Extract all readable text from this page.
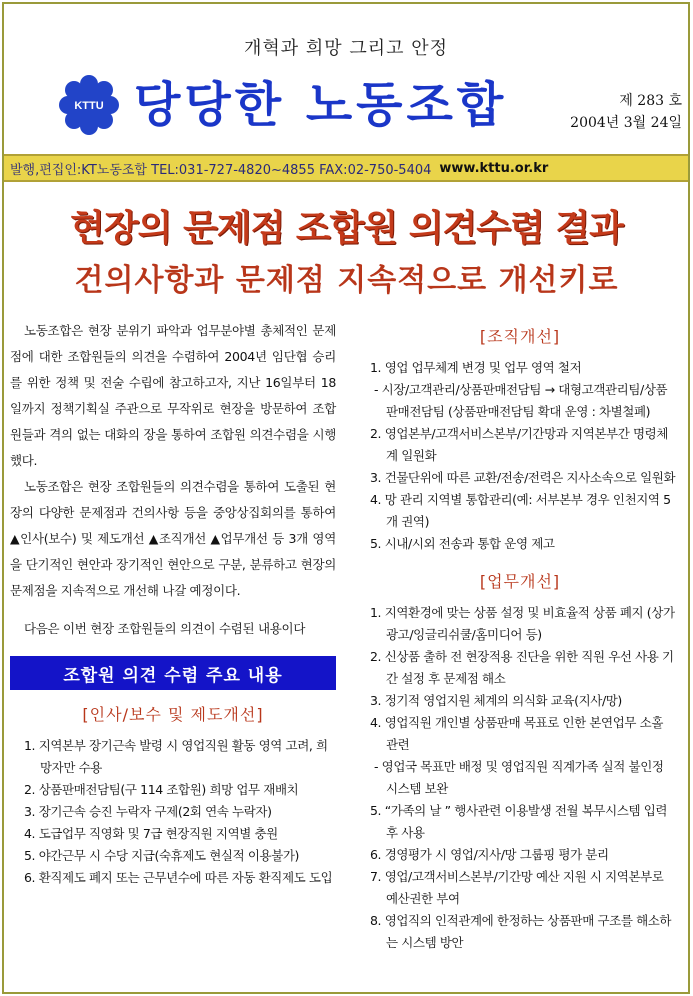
개혁과 희망 그리고 안정
KTTU 당당한 노동조합	제 283 호
2004년 3월 24일
발행,편집인:KT노동조합 TEL:031-727-4820~4855 FAX:02-750-5404 www.kttu.or.kr
현장의 문제점 조합원 의견수렴 결과
건의사항과 문제점 지속적으로 개선키로

노동조합은 현장 분위기 파악과 업무분야별 총체적인 문제점에 대한 조합원들의 의견을 수렴하여 2004년 임단협 승리를 위한 정책 및 전술 수립에 참고하고자, 지난 16일부터 18일까지 정책기획실 주관으로 무작위로 현장을 방문하여 조합원들과 격의 없는 대화의 장을 통하여 조합원 의견수렴을 시행했다.

노동조합은 현장 조합원들의 의견수렴을 통하여 도출된 현장의 다양한 문제점과 건의사항 등을 중앙상집회의를 통하여 ▲인사(보수) 및 제도개선 ▲조직개선 ▲업무개선 등 3개 영역을 단기적인 현안과 장기적인 현안으로 구분, 분류하고 현장의 문제점을 지속적으로 개선해 나갈 예정이다.

다음은 이번 현장 조합원들의 의견이 수렴된 내용이다

조합원 의견 수렴 주요 내용
[인사/보수 및 제도개선]
1. 지역본부 장기근속 발령 시 영업직원 활동 영역 고려, 희망자만 수용
2. 상품판매전담팀(구 114 조합원) 희망 업무 재배치
3. 장기근속 승진 누락자 구제(2회 연속 누락자)
4. 도급업무 직영화 및 7급 현장직원 지역별 충원
5. 야간근무 시 수당 지급(숙휴제도 현실적 이용불가)
6. 환직제도 폐지 또는 근무년수에 따른 자동 환직제도 도입
[조직개선]
1. 영업 업무체계 변경 및 업무 영역 철저
- 시장/고객관리/상품판매전담팀 → 대형고객관리팀/상품판매전담팀 (상품판매전담팀 확대 운영 : 차별철폐)
2. 영업본부/고객서비스본부/기간망과 지역본부간 명령체계 일원화
3. 건물단위에 따른 교환/전송/전력은 지사소속으로 일원화
4. 망 관리 지역별 통합관리(예: 서부본부 경우 인천지역 5개 권역)
5. 시내/시외 전송과 통합 운영 제고
[업무개선]
1. 지역환경에 맞는 상품 설정 및 비효율적 상품 폐지 (상가광고/잉글리쉬쿨/홈미디어 등)
2. 신상품 출하 전 현장적용 진단을 위한 직원 우선 사용 기간 설정 후 문제점 해소
3. 정기적 영업지원 체계의 의식화 교육(지사/망)
4. 영업직원 개인별 상품판매 목표로 인한 본연업무 소홀 관련
- 영업국 목표만 배정 및 영업직원 직계가족 실적 불인정 시스템 보완
5. “가족의 날 ” 행사관련 이용발생 전월 복무시스템 입력 후 사용
6. 경영평가 시 영업/지사/망 그룹핑 평가 분리
7. 영업/고객서비스본부/기간망 예산 지원 시 지역본부로 예산권한 부여
8. 영업직의 인적관계에 한정하는 상품판매 구조를 해소하는 시스템 방안
